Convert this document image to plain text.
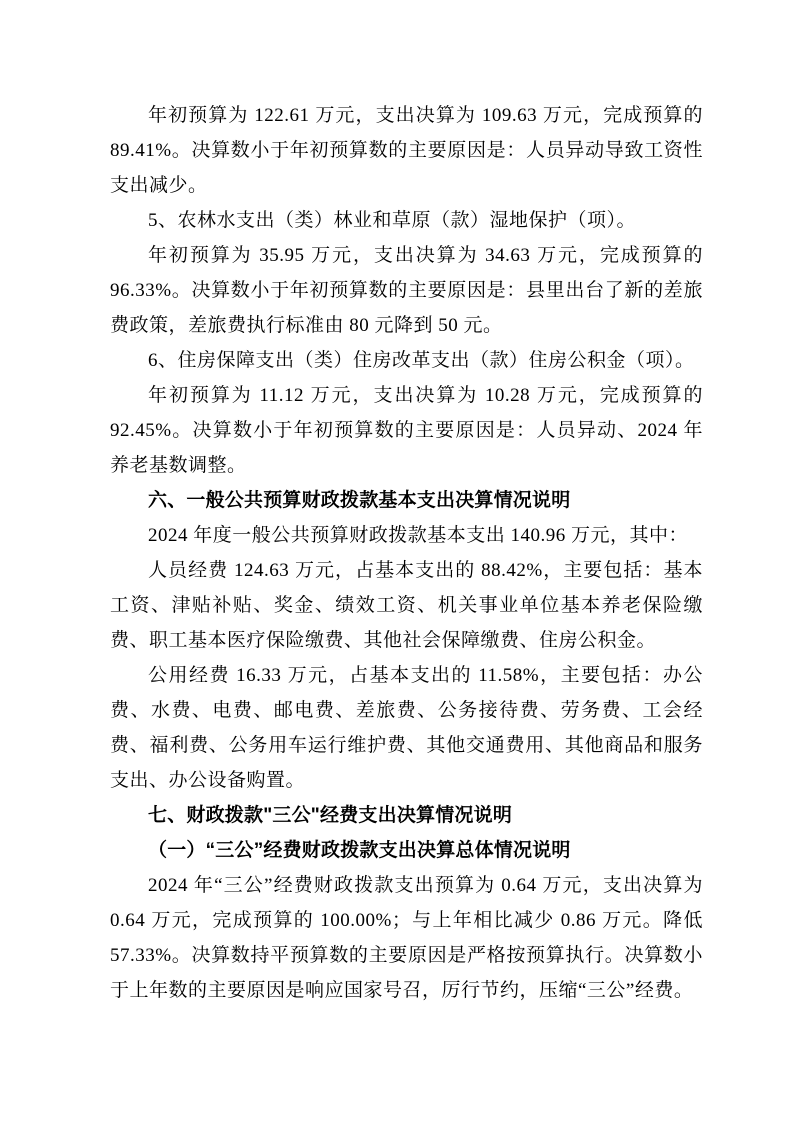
年初预算为 122.61 万元，支出决算为 109.63 万元，完成预算的 89.41%。决算数小于年初预算数的主要原因是：人员异动导致工资性支出减少。

5、农林水支出（类）林业和草原（款）湿地保护（项）。

年初预算为 35.95 万元，支出决算为 34.63 万元，完成预算的 96.33%。决算数小于年初预算数的主要原因是：县里出台了新的差旅费政策，差旅费执行标准由 80 元降到 50 元。

6、住房保障支出（类）住房改革支出（款）住房公积金（项）。

年初预算为 11.12 万元，支出决算为 10.28 万元，完成预算的 92.45%。决算数小于年初预算数的主要原因是：人员异动、2024 年养老基数调整。

六、一般公共预算财政拨款基本支出决算情况说明

2024 年度一般公共预算财政拨款基本支出 140.96 万元，其中：

人员经费 124.63 万元，占基本支出的 88.42%，主要包括：基本工资、津贴补贴、奖金、绩效工资、机关事业单位基本养老保险缴费、职工基本医疗保险缴费、其他社会保障缴费、住房公积金。

公用经费 16.33 万元，占基本支出的 11.58%，主要包括：办公费、水费、电费、邮电费、差旅费、公务接待费、劳务费、工会经费、福利费、公务用车运行维护费、其他交通费用、其他商品和服务支出、办公设备购置。

七、财政拨款"三公"经费支出决算情况说明

（一）“三公”经费财政拨款支出决算总体情况说明

2024 年“三公”经费财政拨款支出预算为 0.64 万元，支出决算为 0.64 万元，完成预算的 100.00%；与上年相比减少 0.86 万元。降低 57.33%。决算数持平预算数的主要原因是严格按预算执行。决算数小于上年数的主要原因是响应国家号召，厉行节约，压缩“三公”经费。
